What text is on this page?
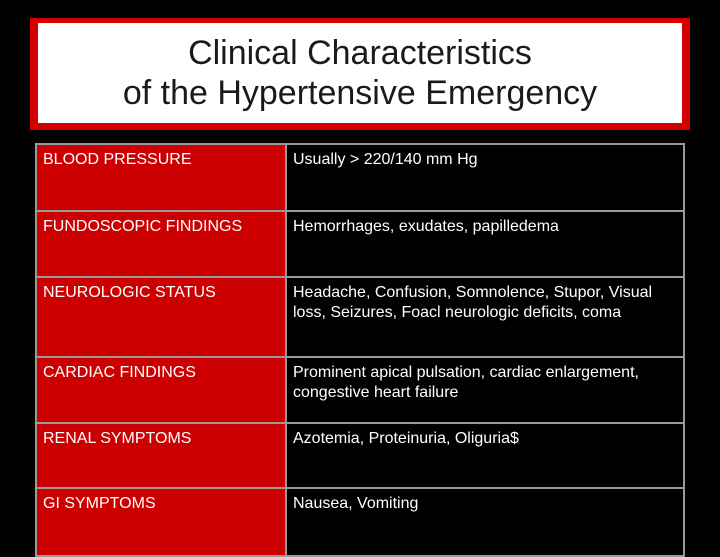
Clinical Characteristics
of the Hypertensive Emergency
BLOOD PRESSURE	Usually > 220/140 mm Hg
FUNDOSCOPIC FINDINGS	Hemorrhages, exudates, papilledema
NEUROLOGIC STATUS	Headache, Confusion, Somnolence, Stupor, Visual loss, Seizures, Foacl neurologic deficits, coma
CARDIAC FINDINGS	Prominent apical pulsation, cardiac enlargement, congestive heart failure
RENAL SYMPTOMS	Azotemia, Proteinuria, Oliguria$
GI SYMPTOMS	Nausea, Vomiting
